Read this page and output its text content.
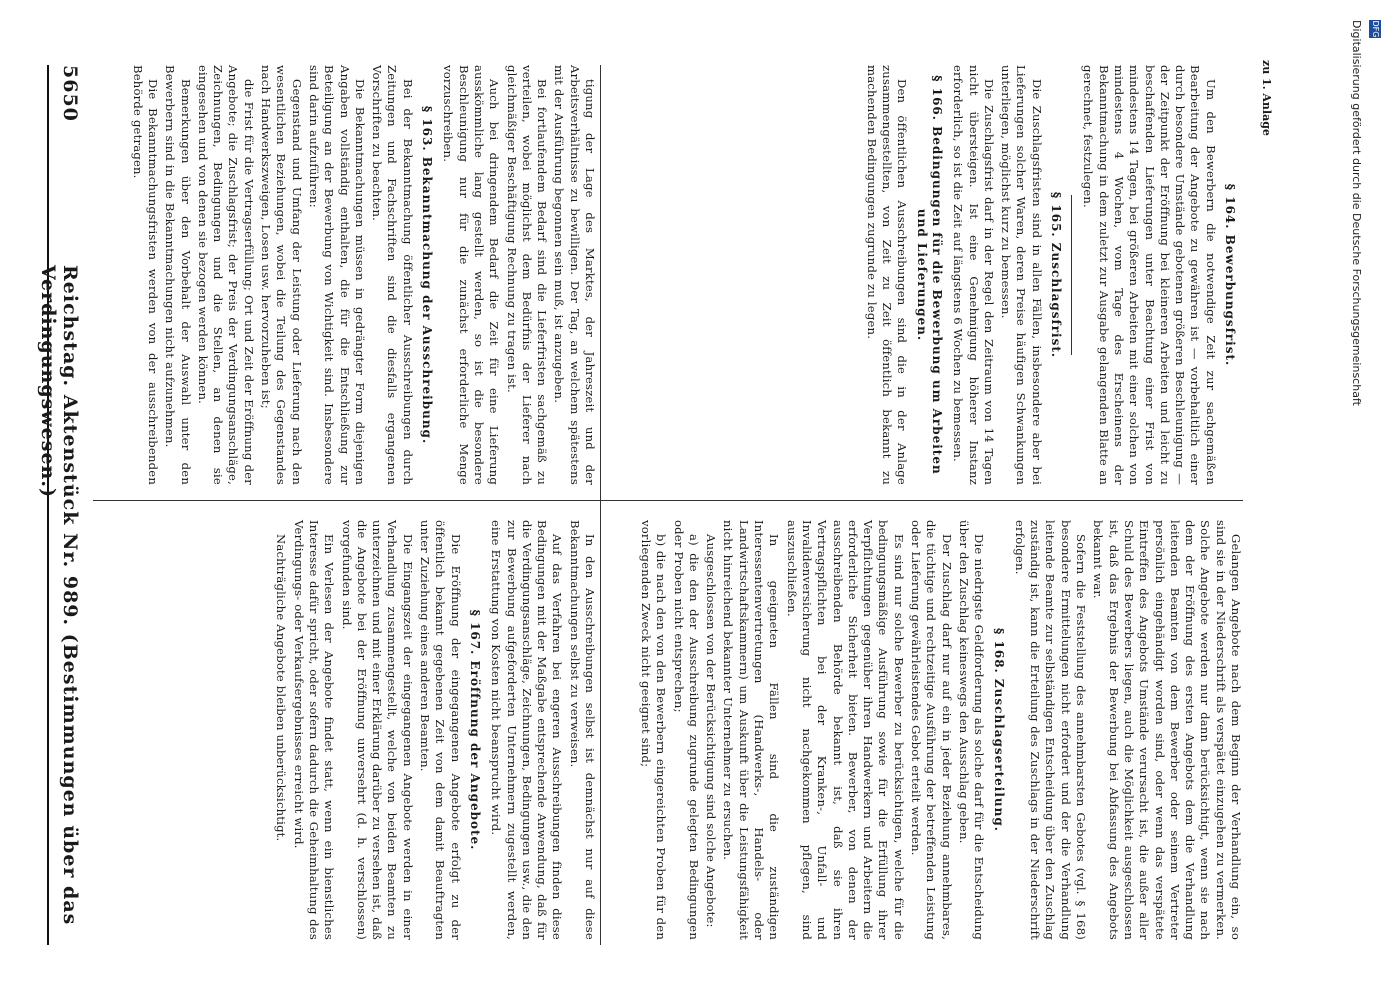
5650
Reichstag. Aktenstück Nr. 989. (Bestimmungen über das Verdingungswesen.)	tigung der Lage des Marktes, der Jahreszeit und der Arbeitsverhältnisse zu bewilligen. Der Tag, an welchem spätestens mit der Ausführung begonnen sein muß, ist anzugeben.

Bei fortlaufendem Bedarf sind die Lieferfristen sachgemäß zu verteilen, wobei möglichst dem Bedürfnis der Lieferer nach gleichmäßiger Beschäftigung Rechnung zu tragen ist.

Auch bei dringendem Bedarf die Zeit für eine Lieferung ausskömmliche lang gestellt werden, so ist die besondere Beschleunigung nur für die zunächst erforderliche Menge vorzuschreiben.

§ 163. Bekanntmachung der Ausschreibung.

Bei der Bekanntmachung öffentlicher Ausschreibungen durch Zeitungen und Fachschriften sind die diesfalls ergangenen Vorschriften zu beachten.

Die Bekanntmachungen müssen in gedrängter Form diejenigen Angaben vollständig enthalten, die für die Entschließung zur Beteiligung an der Bewerbung von Wichtigkeit sind. Insbesondere sind darin aufzuführen:

Gegenstand und Umfang der Leistung oder Lieferung nach den wesentlichen Beziehungen, wobei die Teilung des Gegenstandes nach Handwerkszweigen, Losen usw. hervorzuheben ist;

die Frist für die Vertragserfüllung; Ort und Zeit der Eröffnung der Angebote; die Zuschlagsfrist; der Preis der Verdingungsanschläge, Zeichnungen, Bedingungen und die Stellen, an denen sie eingesehen und von denen sie bezogen werden können.

Bemerkungen über den Vorbehalt der Auswahl unter den Bewerbern sind in die Bekanntmachungen nicht aufzunehmen.

Die Bekanntmachungsfristen werden von der ausschreibenden Behörde getragen.

In den Ausschreibungen selbst ist demnächst nur auf diese Bekanntmachungen selbst zu verweisen.

Auf das Verfahren bei engeren Ausschreibungen finden diese Bedingungen mit der Maßgabe entsprechende Anwendung, daß für die Verdingungsanschläge, Zeichnungen, Bedingungen usw., die den zur Bewerbung aufgeforderten Unternehmern zugestellt werden, eine Erstattung von Kosten nicht beansprucht wird.

§ 167. Eröffnung der Angebote.

Die Eröffnung der eingegangenen Angebote erfolgt zu der öffentlich bekannt gegebenen Zeit von dem damit Beauftragten unter Zuziehung eines anderen Beamten.

Die Eingangszeit der eingegangenen Angebote werden in einer Verhandlung zusammengestellt, welche von beiden Beamten zu unterzeichnen und mit einer Erklärung darüber zu versehen ist, daß die Angebote bei der Eröffnung unversehrt (d. h. verschlossen) vorgefunden sind.

Ein Verlesen der Angebote findet statt, wenn ein bienstliches Interesse dafür spricht, oder sofern dadurch die Geheimhaltung des Verdingungs- oder Verkaufsergebnisses erreicht wird.

Nachträgliche Angebote bleiben unberücksichtigt.

§ 164. Bewerbungsfrist.

Um den Bewerbern die notwendige Zeit zur sachgemäßen Bearbeitung der Angebote zu gewähren ist — vorbehaltlich einer durch besondere Umstände gebotenen größeren Beschleunigung — der Zeitpunkt der Eröffnung bei kleineren Arbeiten und leicht zu beschaffenden Lieferungen unter Beachtung einer Frist von mindestens 14 Tagen, bei größeren Arbeiten mit einer solchen von mindestens 4 Wochen, vom Tage des Erscheinens der Bekanntmachung in dem zuletzt zur Ausgabe gelangenden Blatte an gerechnet, festzulegen.

§ 165. Zuschlagsfrist.

Die Zuschlagsfristen sind in allen Fällen, insbesondere aber bei Lieferungen solcher Waren, deren Preise häufigen Schwankungen unterliegen, möglichst kurz zu bemessen.

Die Zuschlagsfrist darf in der Regel den Zeitraum von 14 Tagen nicht übersteigen. Ist eine Genehmigung höherer Instanz erforderlich, so ist die Zeit auf längstens 6 Wochen zu bemessen.

§ 166. Bedingungen für die Bewerbung um Arbeiten und Lieferungen.

Den öffentlichen Ausschreibungen sind die in der Anlage zusammengestellten, von Zeit zu Zeit öffentlich bekannt zu machenden Bedingungen zugrunde zu legen.

Gelangen Angebote nach dem Beginn der Verhandlung ein, so sind sie in der Niederschrift als verspätet einzugehen zu vermerken. Solche Angebote werden nur dann berücksichtigt, wenn sie nach dem der Eröffnung des ersten Angebots dem die Verhandlung leitenden Beamten von dem Bewerber oder seinem Vertreter persönlich eingehändigt worden sind, oder wenn das verspätete Eintreffen des Angebots Umstände verursacht ist, die außer aller Schuld des Bewerbers liegen, auch die Möglichkeit ausgeschlossen ist, daß das Ergebnis der Bewerbung bei Abfassung des Angebots bekannt war.

Sofern die Feststellung des annehmbarsten Gebotes (vgl. § 168) besondere Ermittelungen nicht erfordert und der die Verhandlung leitende Beamte zur selbständigen Entscheidung über den Zuschlag zuständig ist, kann die Erteilung des Zuschlags in der Niederschrift erfolgen.

§ 168. Zuschlagserteilung.

Die niedrigste Geldforderung als solche darf für die Entscheidung über den Zuschlag keineswegs den Ausschlag geben.

Der Zuschlag darf nur auf ein in jeder Beziehung annehmbares, die tüchtige und rechtzeitige Ausführung der betreffenden Leistung oder Lieferung gewährleistendes Gebot erteilt werden.

Es sind nur solche Bewerber zu berücksichtigen, welche für die bedingungsmäßige Ausführung sowie für die Erfüllung ihrer Verpflichtungen gegenüber ihren Handwerkern und Arbeitern die erforderliche Sicherheit bieten. Bewerber, von denen der ausschreibenden Behörde bekannt ist, daß sie ihren Vertragspflichten bei der Kranken-, Unfall- und Invalidenversicherung nicht nachgekommen pflegen, sind auszuschließen.

In geeigneten Fällen sind die zuständigen Interessentenvertretungen (Handwerks-, Handels- oder Landwirtschaftskammern) um Auskunft über die Leistungsfähigkeit nicht hinreichend bekannter Unternehmer zu ersuchen.

Ausgeschlossen von der Berücksichtigung sind solche Angebote:

a) die den der Ausschreibung zugrunde gelegten Bedingungen oder Proben nicht entsprechen;

b) die nach den von den Bewerbern eingereichten Proben für den vorliegenden Zweck nicht geeignet sind;

zu 1. Anlage	Digitalisierung gefördert durch die Deutsche Forschungsgemeinschaft DFG
